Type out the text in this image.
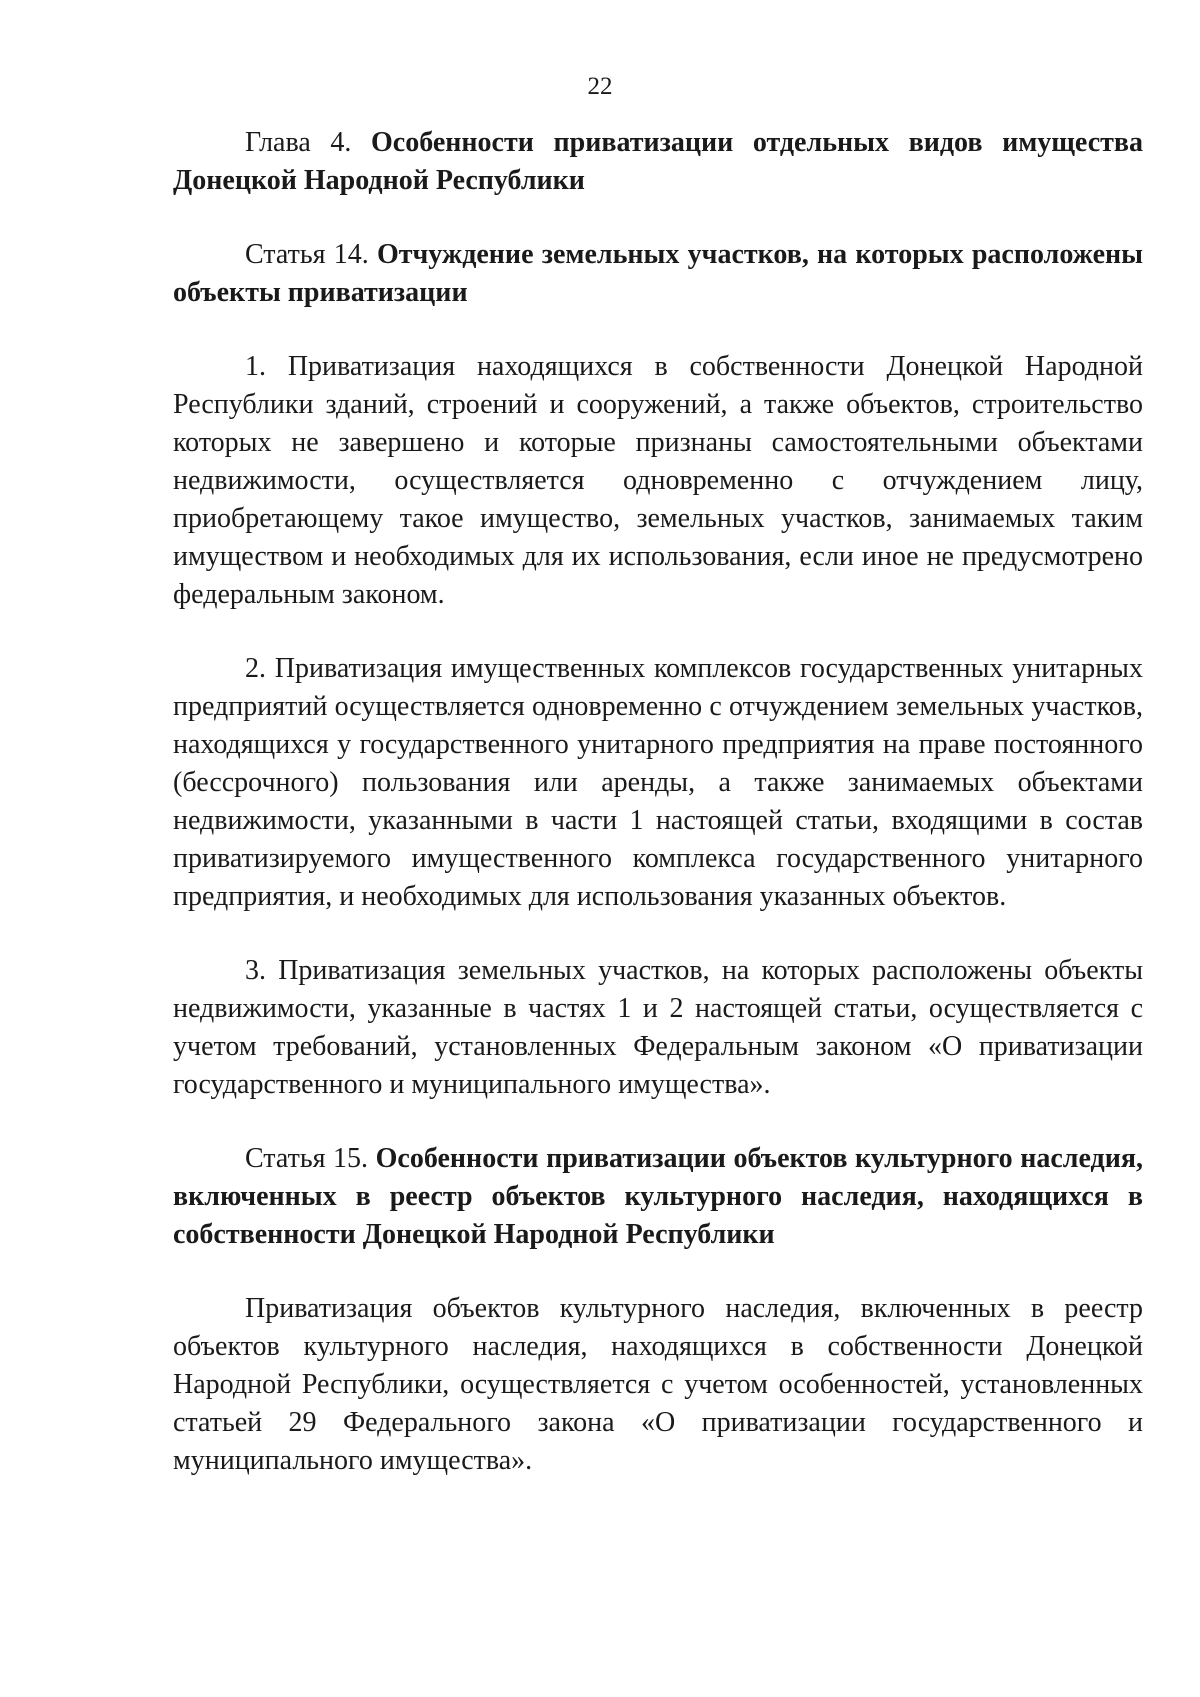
22

Глава 4. Особенности приватизации отдельных видов имущества Донецкой Народной Республики

Статья 14. Отчуждение земельных участков, на которых расположены объекты приватизации

1. Приватизация находящихся в собственности Донецкой Народной Республики зданий, строений и сооружений, а также объектов, строительство которых не завершено и которые признаны самостоятельными объектами недвижимости, осуществляется одновременно с отчуждением лицу, приобретающему такое имущество, земельных участков, занимаемых таким имуществом и необходимых для их использования, если иное не предусмотрено федеральным законом.

2. Приватизация имущественных комплексов государственных унитарных предприятий осуществляется одновременно с отчуждением земельных участков, находящихся у государственного унитарного предприятия на праве постоянного (бессрочного) пользования или аренды, а также занимаемых объектами недвижимости, указанными в части 1 настоящей статьи, входящими в состав приватизируемого имущественного комплекса государственного унитарного предприятия, и необходимых для использования указанных объектов.

3. Приватизация земельных участков, на которых расположены объекты недвижимости, указанные в частях 1 и 2 настоящей статьи, осуществляется с учетом требований, установленных Федеральным законом «О приватизации государственного и муниципального имущества».

Статья 15. Особенности приватизации объектов культурного наследия, включенных в реестр объектов культурного наследия, находящихся в собственности Донецкой Народной Республики

Приватизация объектов культурного наследия, включенных в реестр объектов культурного наследия, находящихся в собственности Донецкой Народной Республики, осуществляется с учетом особенностей, установленных статьей 29 Федерального закона «О приватизации государственного и муниципального имущества».
